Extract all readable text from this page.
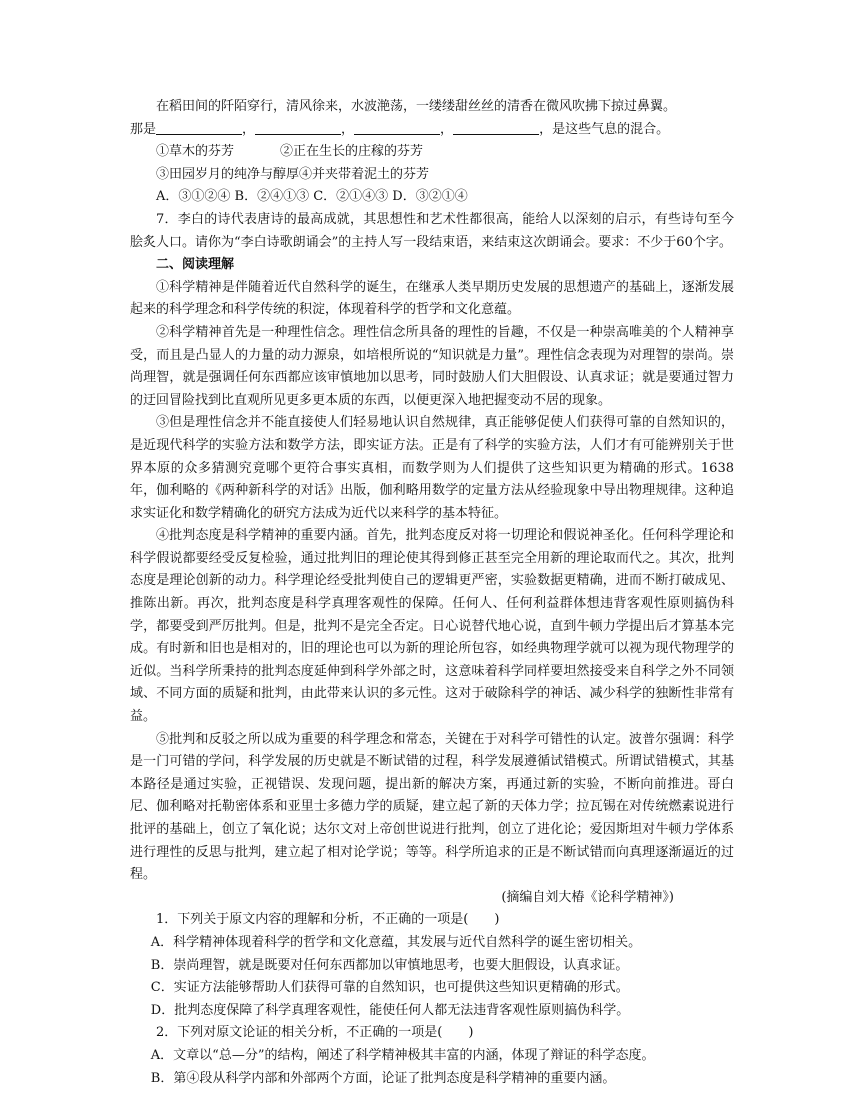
在稻田间的阡陌穿行，清风徐来，水波滟荡，一缕缕甜丝丝的清香在微风吹拂下掠过鼻翼。

那是	，	，	，	，是这些气息的混合。

①草木的芬芳	②正在生长的庄稼的芬芳

③田园岁月的纯净与醇厚④并夹带着泥土的芬芳

A．③①②④ B．②④①③ C．②①④③ D．③②①④

7．李白的诗代表唐诗的最高成就，其思想性和艺术性都很高，能给人以深刻的启示，有些诗句至今脍炙人口。请你为“李白诗歌朗诵会”的主持人写一段结束语，来结束这次朗诵会。要求：不少于60个字。

二、阅读理解

①科学精神是伴随着近代自然科学的诞生，在继承人类早期历史发展的思想遗产的基础上，逐渐发展起来的科学理念和科学传统的积淀，体现着科学的哲学和文化意蕴。

②科学精神首先是一种理性信念。理性信念所具备的理性的旨趣，不仅是一种崇高唯美的个人精神享受，而且是凸显人的力量的动力源泉，如培根所说的“知识就是力量”。理性信念表现为对理智的崇尚。崇尚理智，就是强调任何东西都应该审慎地加以思考，同时鼓励人们大胆假设、认真求证；就是要通过智力的迂回冒险找到比直观所见更多更本质的东西，以便更深入地把握变动不居的现象。

③但是理性信念并不能直接使人们轻易地认识自然规律，真正能够促使人们获得可靠的自然知识的，是近现代科学的实验方法和数学方法，即实证方法。正是有了科学的实验方法，人们才有可能辨别关于世界本原的众多猜测究竟哪个更符合事实真相，而数学则为人们提供了这些知识更为精确的形式。1638年，伽利略的《两种新科学的对话》出版，伽利略用数学的定量方法从经验现象中导出物理规律。这种追求实证化和数学精确化的研究方法成为近代以来科学的基本特征。

④批判态度是科学精神的重要内涵。首先，批判态度反对将一切理论和假说神圣化。任何科学理论和科学假说都要经受反复检验，通过批判旧的理论使其得到修正甚至完全用新的理论取而代之。其次，批判态度是理论创新的动力。科学理论经受批判使自己的逻辑更严密，实验数据更精确，进而不断打破成见、推陈出新。再次，批判态度是科学真理客观性的保障。任何人、任何利益群体想违背客观性原则搞伪科学，都要受到严厉批判。但是，批判不是完全否定。日心说替代地心说，直到牛顿力学提出后才算基本完成。有时新和旧也是相对的，旧的理论也可以为新的理论所包容，如经典物理学就可以视为现代物理学的近似。当科学所秉持的批判态度延伸到科学外部之时，这意味着科学同样要坦然接受来自科学之外不同领域、不同方面的质疑和批判，由此带来认识的多元性。这对于破除科学的神话、减少科学的独断性非常有益。

⑤批判和反驳之所以成为重要的科学理念和常态，关键在于对科学可错性的认定。波普尔强调：科学是一门可错的学问，科学发展的历史就是不断试错的过程，科学发展遵循试错模式。所谓试错模式，其基本路径是通过实验，正视错误、发现问题，提出新的解决方案，再通过新的实验，不断向前推进。哥白尼、伽利略对托勒密体系和亚里士多德力学的质疑，建立起了新的天体力学；拉瓦锡在对传统燃素说进行批评的基础上，创立了氧化说；达尔文对上帝创世说进行批判，创立了进化论；爱因斯坦对牛顿力学体系进行理性的反思与批判，建立起了相对论学说；等等。科学所追求的正是不断试错而向真理逐渐逼近的过程。

(摘编自刘大椿《论科学精神》)

1．下列关于原文内容的理解和分析，不正确的一项是(　　)

A．科学精神体现着科学的哲学和文化意蕴，其发展与近代自然科学的诞生密切相关。

B．崇尚理智，就是既要对任何东西都加以审慎地思考，也要大胆假设，认真求证。

C．实证方法能够帮助人们获得可靠的自然知识，也可提供这些知识更精确的形式。

D．批判态度保障了科学真理客观性，能使任何人都无法违背客观性原则搞伪科学。

2．下列对原文论证的相关分析，不正确的一项是(　　)

A．文章以“总—分”的结构，阐述了科学精神极其丰富的内涵，体现了辩证的科学态度。

B．第④段从科学内部和外部两个方面，论证了批判态度是科学精神的重要内涵。
